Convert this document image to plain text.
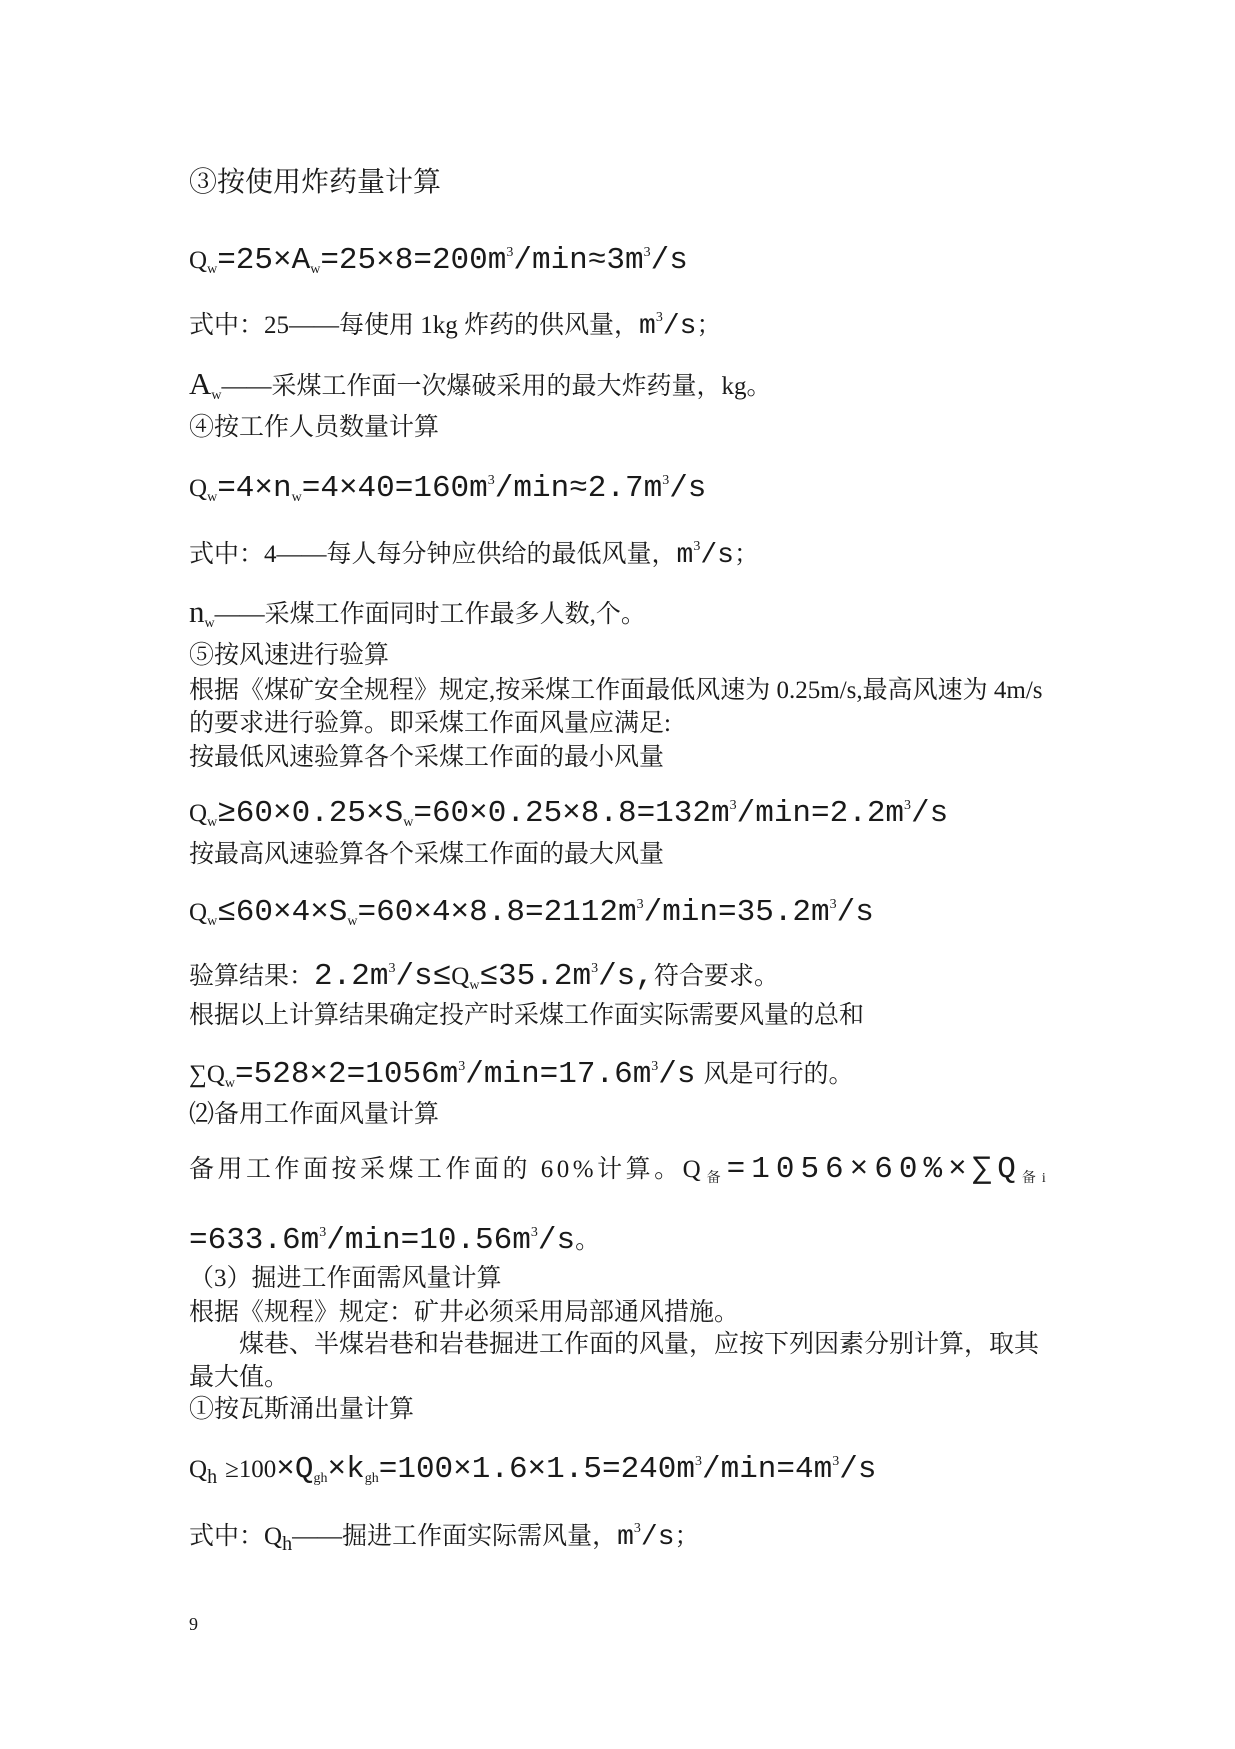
③按使用炸药量计算
$Q_w=25\times A_w=25\times 8=200m^3/\min\approx 3m^3/s$
式中：25——每使用 1kg 炸药的供风量，$m^3/s$；
$A_w——$采煤工作面一次爆破采用的最大炸药量，kg。
④按工作人员数量计算
$Q_w=4\times n_w=4\times 40=160m^3/\min\approx 2.7m^3/s$
式中：4——每人每分钟应供给的最低风量，$m^3/s$；
$n_w——$采煤工作面同时工作最多人数,个。
⑤按风速进行验算
根据《煤矿安全规程》规定,按采煤工作面最低风速为 0.25m/s,最高风速为 4m/s
的要求进行验算。即采煤工作面风量应满足:
按最低风速验算各个采煤工作面的最小风量
$Q_w\ge 60\times 0.25\times S_w=60\times 0.25\times 8.8=132m^3/\min=2.2m^3/s$
按最高风速验算各个采煤工作面的最大风量
$Q_w\le 60\times 4\times S_w=60\times 4\times 8.8=2112m^3/\min=35.2m^3/s$
验算结果：$2.2m^3/s\le Q_w\le 35.2m^3/s$,符合要求。
根据以上计算结果确定投产时采煤工作面实际需要风量的总和
$\sum Q_w=528\times 2=1056m^3/\min=17.6m^3/s$ 风是可行的。
⑵备用工作面风量计算
备用工作面按采煤工作面的 60%计算。$Q_备=1056\times 60\%\times\sum Q_{备i}$
$=633.6m^3/\min=10.56m^3/s$。
（3）掘进工作面需风量计算
根据《规程》规定：矿井必须采用局部通风措施。
煤巷、半煤岩巷和岩巷掘进工作面的风量，应按下列因素分别计算，取其
最大值。
①按瓦斯涌出量计算
$Q_h \ge 100\times Q_{gh}\times k_{gh}=100\times 1.6\times 1.5=240m^3/\min=4m^3/s$
式中：$Q_h——$掘进工作面实际需风量，$m^3/s$；
9
